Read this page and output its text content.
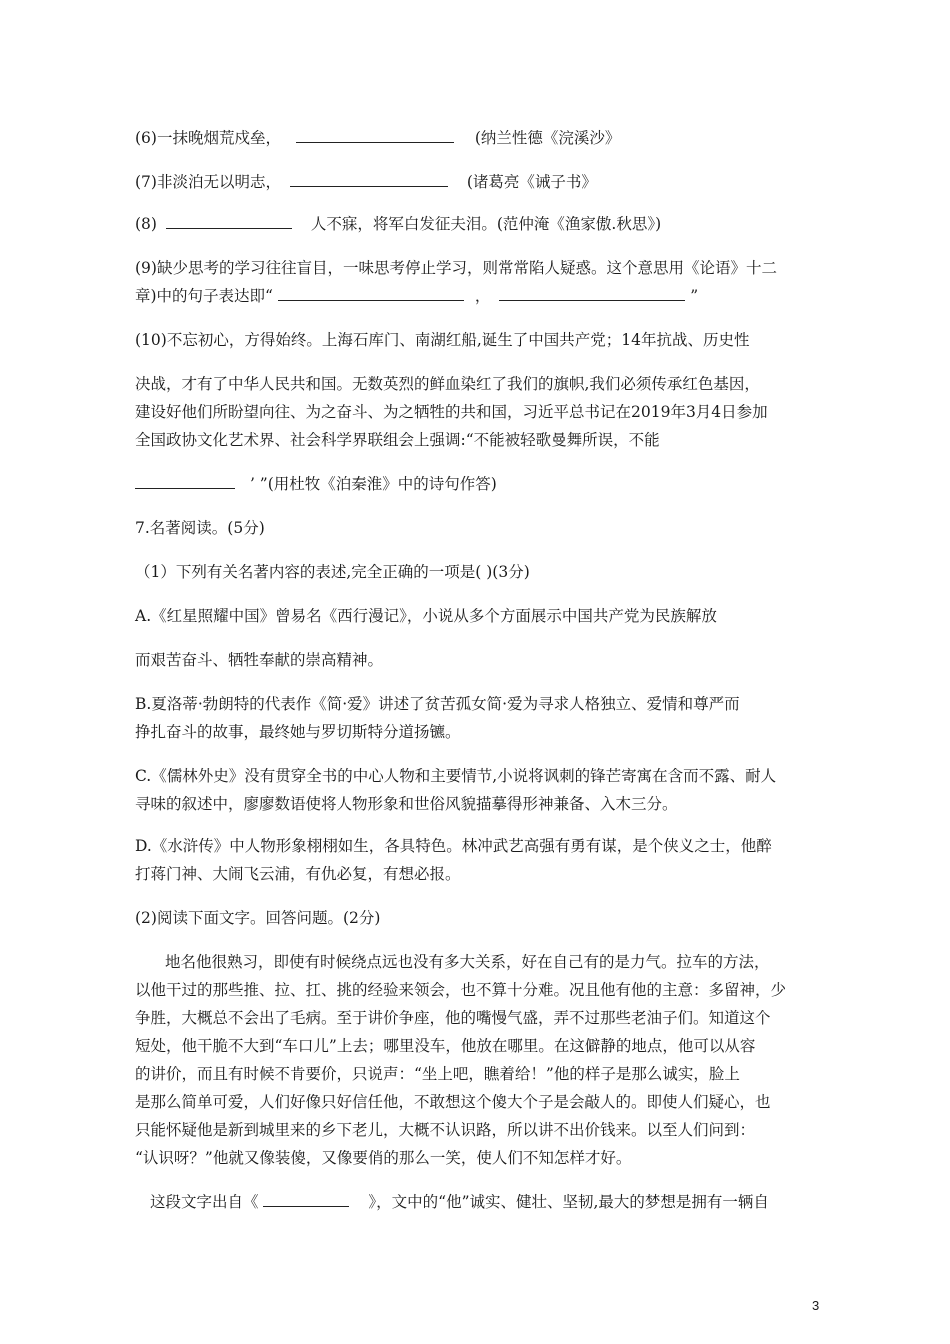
(6)一抹晚烟荒戍垒，	(纳兰性德《浣溪沙》
(7)非淡泊无以明志，	(诸葛亮《诫子书》
(8)	人不寐，将军白发征夫泪。(范仲淹《渔家傲.秋思》)
(9)缺少思考的学习往往盲目，一味思考停止学习，则常常陷人疑惑。这个意思用《论语》十二
章)中的句子表达即“	，	”
(10)不忘初心，方得始终。上海石库门、南湖红船,诞生了中国共产党；14年抗战、历史性
决战，才有了中华人民共和国。无数英烈的鲜血染红了我们的旗帜,我们必须传承红色基因，
建设好他们所盼望向往、为之奋斗、为之牺牲的共和国，习近平总书记在2019年3月4日参加
全国政协文化艺术界、社会科学界联组会上强调:“不能被轻歌曼舞所误，不能
’ ”(用杜牧《泊秦淮》中的诗句作答)
7.名著阅读。(5分)
（1）下列有关名著内容的表述,完全正确的一项是( )(3分)
A.《红星照耀中国》曾易名《西行漫记》，小说从多个方面展示中国共产党为民族解放
而艰苦奋斗、牺牲奉献的崇高精神。
B.夏洛蒂·勃朗特的代表作《简·爱》讲述了贫苦孤女简·爱为寻求人格独立、爱情和尊严而
挣扎奋斗的故事，最终她与罗切斯特分道扬镳。
C.《儒林外史》没有贯穿全书的中心人物和主要情节,小说将讽刺的锋芒寄寓在含而不露、耐人
寻味的叙述中，廖廖数语使将人物形象和世俗风貌描摹得形神兼备、入木三分。
D.《水浒传》中人物形象栩栩如生，各具特色。林冲武艺高强有勇有谋，是个侠义之士，他醉
打蒋门神、大闹飞云浦，有仇必复，有想必报。
(2)阅读下面文字。回答问题。(2分)
地名他很熟习，即使有时候绕点远也没有多大关系，好在自己有的是力气。拉车的方法，
以他干过的那些推、拉、扛、挑的经验来领会，也不算十分难。况且他有他的主意：多留神，少
争胜，大概总不会出了毛病。至于讲价争座，他的嘴慢气盛，弄不过那些老油子们。知道这个
短处，他干脆不大到“车口儿”上去；哪里没车，他放在哪里。在这僻静的地点，他可以从容
的讲价，而且有时候不肯要价，只说声：“坐上吧，瞧着给！”他的样子是那么诚实，脸上
是那么简单可爱，人们好像只好信任他，不敢想这个傻大个子是会敲人的。即使人们疑心，也
只能怀疑他是新到城里来的乡下老儿，大概不认识路，所以讲不出价钱来。以至人们问到：
“认识呀？”他就又像装傻，又像要俏的那么一笑，使人们不知怎样才好。
这段文字出自《	》，文中的“他”诚实、健壮、坚韧,最大的梦想是拥有一辆自
3
